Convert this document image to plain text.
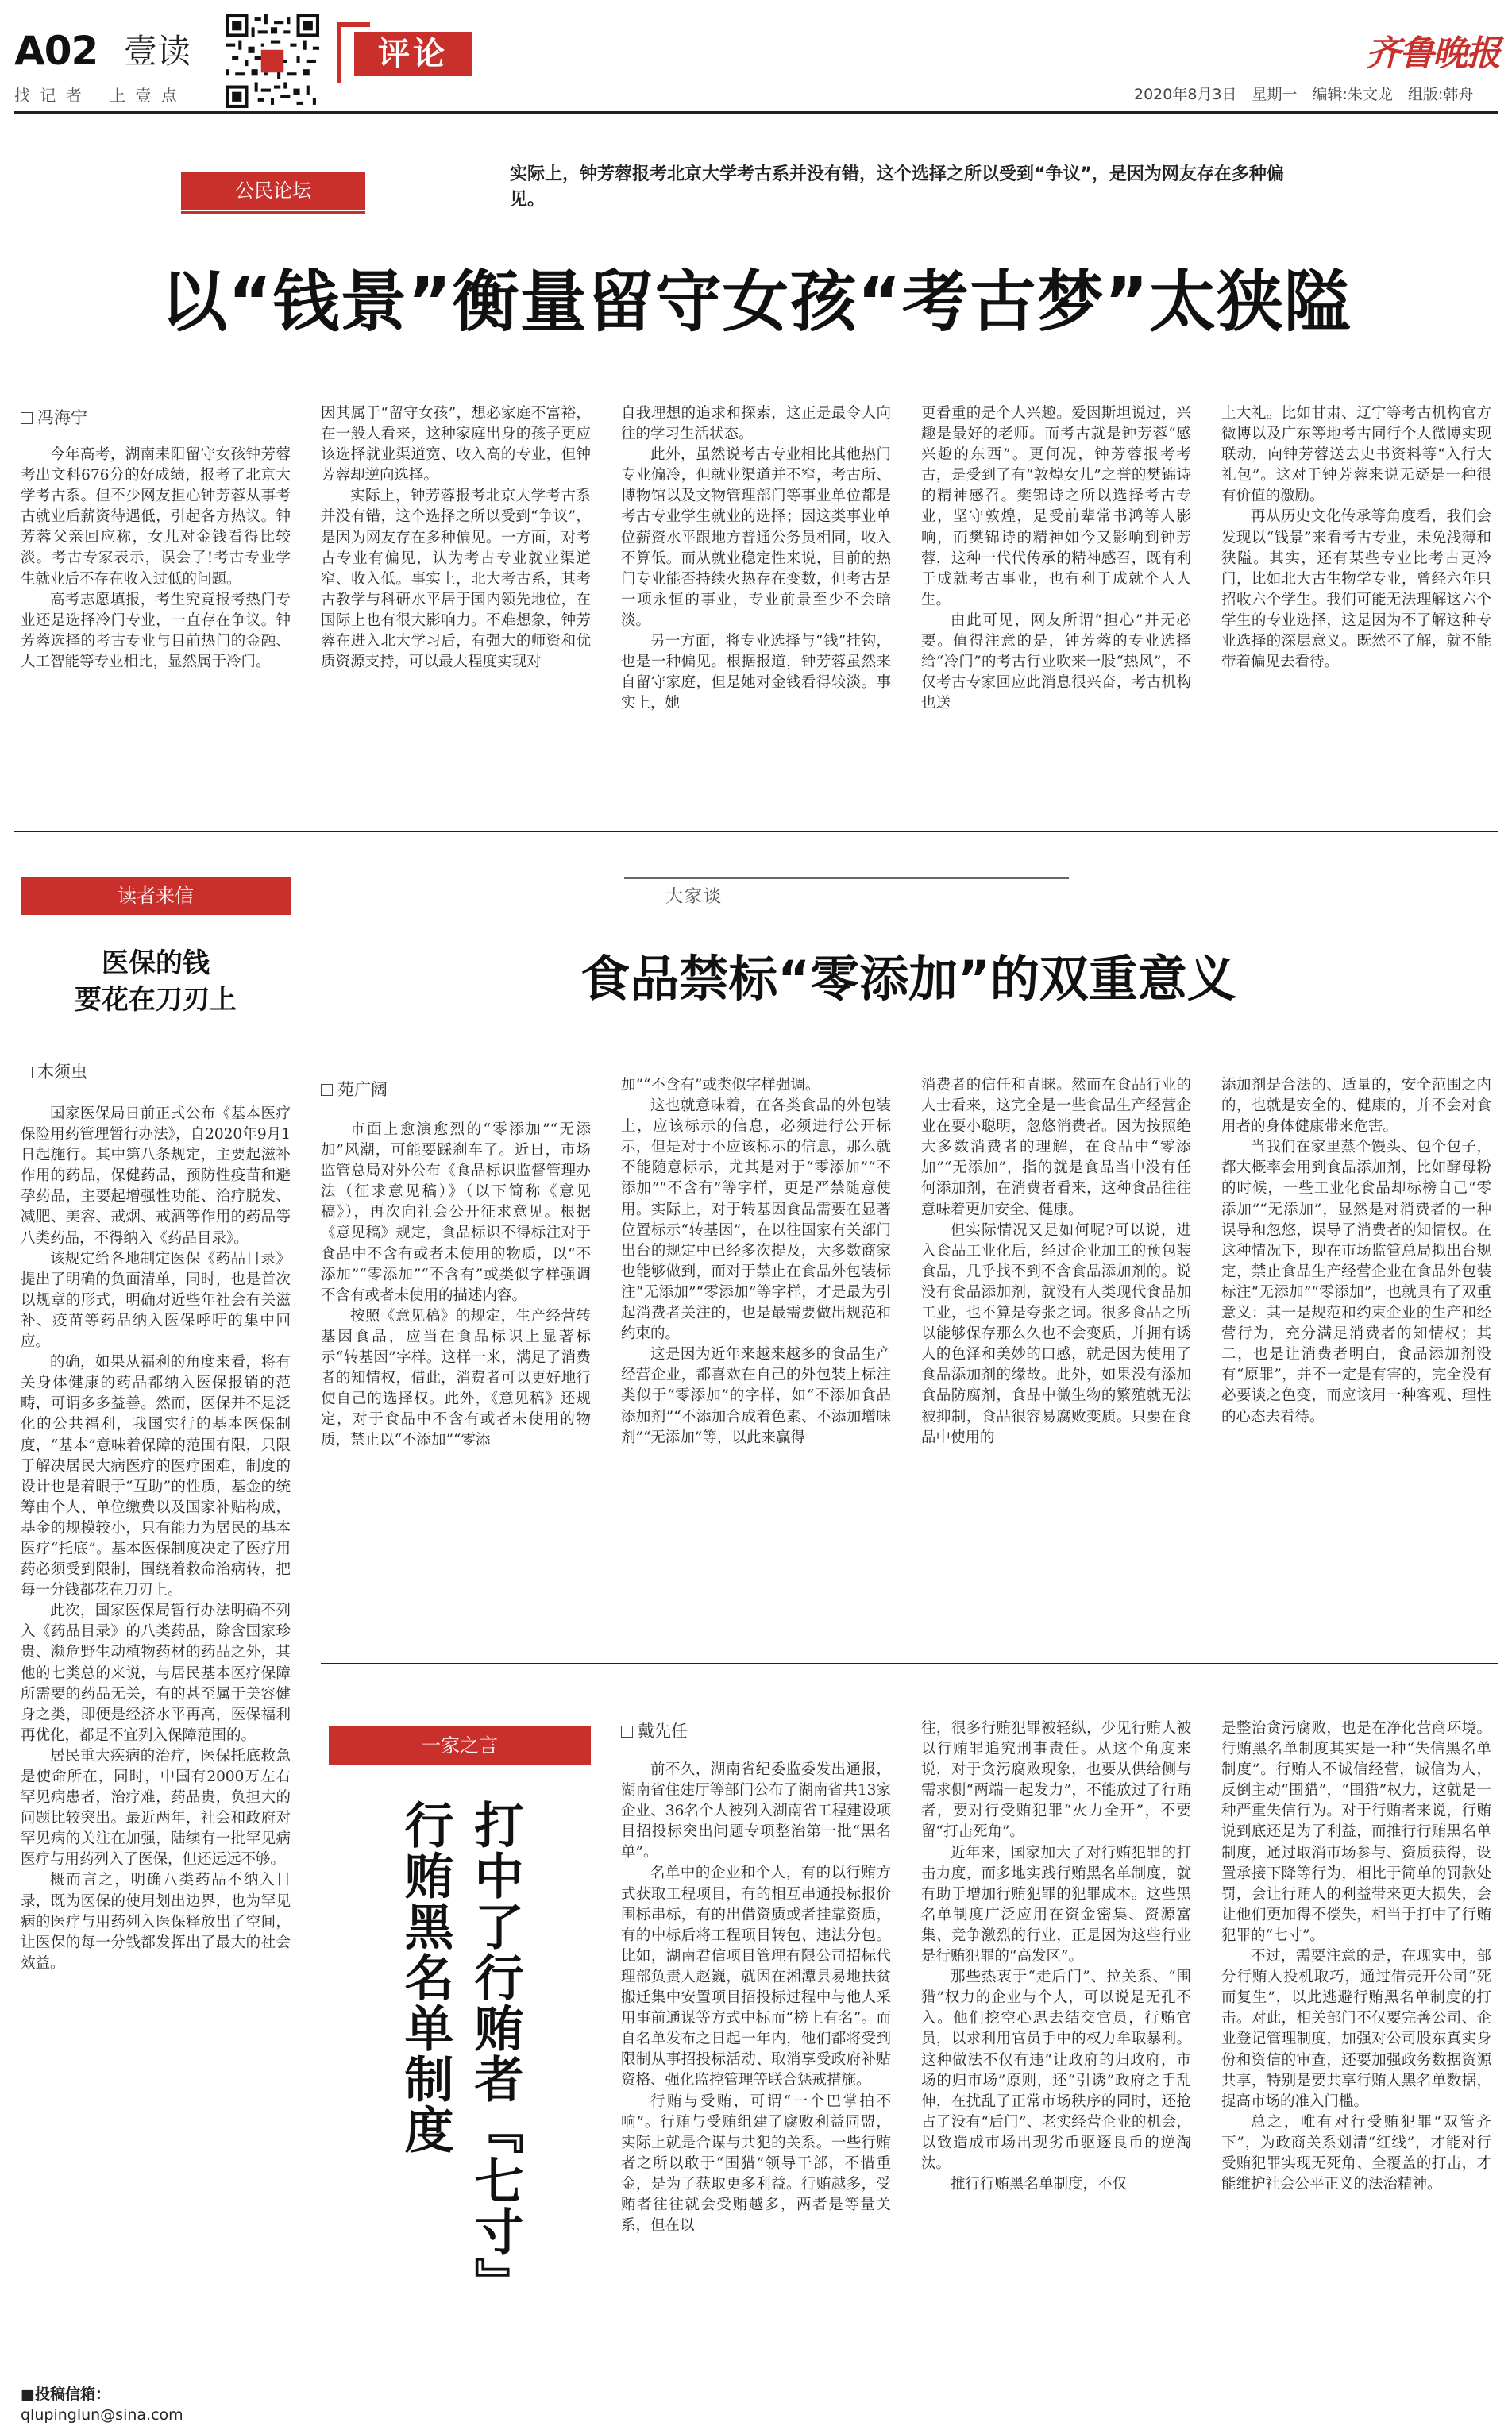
A02 壹读
找 记 者　 上 壹 点
评论	齐鲁晚报
2020年8月3日　星期一　编辑:朱文龙　组版:韩舟
公民论坛
实际上，钟芳蓉报考北京大学考古系并没有错，这个选择之所以受到“争议”，是因为网友存在多种偏见。
以“钱景”衡量留守女孩“考古梦”太狭隘
冯海宁

今年高考，湖南耒阳留守女孩钟芳蓉考出文科676分的好成绩，报考了北京大学考古系。但不少网友担心钟芳蓉从事考古就业后薪资待遇低，引起各方热议。钟芳蓉父亲回应称，女儿对金钱看得比较淡。考古专家表示，误会了!考古专业学生就业后不存在收入过低的问题。

高考志愿填报，考生究竟报考热门专业还是选择冷门专业，一直存在争议。钟芳蓉选择的考古专业与目前热门的金融、人工智能等专业相比，显然属于冷门。

因其属于“留守女孩”，想必家庭不富裕，在一般人看来，这种家庭出身的孩子更应该选择就业渠道宽、收入高的专业，但钟芳蓉却逆向选择。

实际上，钟芳蓉报考北京大学考古系并没有错，这个选择之所以受到“争议”，是因为网友存在多种偏见。一方面，对考古专业有偏见，认为考古专业就业渠道窄、收入低。事实上，北大考古系，其考古教学与科研水平居于国内领先地位，在国际上也有很大影响力。不难想象，钟芳蓉在进入北大学习后，有强大的师资和优质资源支持，可以最大程度实现对

自我理想的追求和探索，这正是最令人向往的学习生活状态。

此外，虽然说考古专业相比其他热门专业偏冷，但就业渠道并不窄，考古所、博物馆以及文物管理部门等事业单位都是考古专业学生就业的选择；因这类事业单位薪资水平跟地方普通公务员相同，收入不算低。而从就业稳定性来说，目前的热门专业能否持续火热存在变数，但考古是一项永恒的事业，专业前景至少不会暗淡。

另一方面，将专业选择与“钱”挂钩，也是一种偏见。根据报道，钟芳蓉虽然来自留守家庭，但是她对金钱看得较淡。事实上，她

更看重的是个人兴趣。爱因斯坦说过，兴趣是最好的老师。而考古就是钟芳蓉“感兴趣的东西”。更何况，钟芳蓉报考考古，是受到了有“敦煌女儿”之誉的樊锦诗的精神感召。樊锦诗之所以选择考古专业，坚守敦煌，是受前辈常书鸿等人影响，而樊锦诗的精神如今又影响到钟芳蓉，这种一代代传承的精神感召，既有利于成就考古事业，也有利于成就个人人生。

由此可见，网友所谓“担心”并无必要。值得注意的是，钟芳蓉的专业选择给“冷门”的考古行业吹来一股“热风”，不仅考古专家回应此消息很兴奋，考古机构也送

上大礼。比如甘肃、辽宁等考古机构官方微博以及广东等地考古同行个人微博实现联动，向钟芳蓉送去史书资料等“入行大礼包”。这对于钟芳蓉来说无疑是一种很有价值的激励。

再从历史文化传承等角度看，我们会发现以“钱景”来看考古专业，未免浅薄和狭隘。其实，还有某些专业比考古更冷门，比如北大古生物学专业，曾经六年只招收六个学生。我们可能无法理解这六个学生的专业选择，这是因为不了解这种专业选择的深层意义。既然不了解，就不能带着偏见去看待。

读者来信
医保的钱
要花在刀刃上
木须虫

国家医保局日前正式公布《基本医疗保险用药管理暂行办法》，自2020年9月1日起施行。其中第八条规定，主要起滋补作用的药品，保健药品，预防性疫苗和避孕药品，主要起增强性功能、治疗脱发、减肥、美容、戒烟、戒酒等作用的药品等八类药品，不得纳入《药品目录》。

该规定给各地制定医保《药品目录》提出了明确的负面清单，同时，也是首次以规章的形式，明确对近些年社会有关滋补、疫苗等药品纳入医保呼吁的集中回应。

的确，如果从福利的角度来看，将有关身体健康的药品都纳入医保报销的范畴，可谓多多益善。然而，医保并不是泛化的公共福利，我国实行的基本医保制度，“基本”意味着保障的范围有限，只限于解决居民大病医疗的医疗困难，制度的设计也是着眼于“互助”的性质，基金的统筹由个人、单位缴费以及国家补贴构成，基金的规模较小，只有能力为居民的基本医疗“托底”。基本医保制度决定了医疗用药必须受到限制，围绕着救命治病转，把每一分钱都花在刀刃上。

此次，国家医保局暂行办法明确不列入《药品目录》的八类药品，除含国家珍贵、濒危野生动植物药材的药品之外，其他的七类总的来说，与居民基本医疗保障所需要的药品无关，有的甚至属于美容健身之类，即便是经济水平再高，医保福利再优化，都是不宜列入保障范围的。

居民重大疾病的治疗，医保托底救急是使命所在，同时，中国有2000万左右罕见病患者，治疗难，药品贵，负担大的问题比较突出。最近两年，社会和政府对罕见病的关注在加强，陆续有一批罕见病医疗与用药列入了医保，但还远远不够。

概而言之，明确八类药品不纳入目录，既为医保的使用划出边界，也为罕见病的医疗与用药列入医保释放出了空间，让医保的每一分钱都发挥出了最大的社会效益。

■投稿信箱：
qlupinglun@sina.com
大家谈
食品禁标“零添加”的双重意义
苑广阔

市面上愈演愈烈的“零添加”“无添加”风潮，可能要踩刹车了。近日，市场监管总局对外公布《食品标识监督管理办法（征求意见稿）》（以下简称《意见稿》），再次向社会公开征求意见。根据《意见稿》规定，食品标识不得标注对于食品中不含有或者未使用的物质，以“不添加”“零添加”“不含有”或类似字样强调不含有或者未使用的描述内容。

按照《意见稿》的规定，生产经营转基因食品，应当在食品标识上显著标示“转基因”字样。这样一来，满足了消费者的知情权，借此，消费者可以更好地行使自己的选择权。此外，《意见稿》还规定，对于食品中不含有或者未使用的物质，禁止以“不添加”“零添

加”“不含有”或类似字样强调。

这也就意味着，在各类食品的外包装上，应该标示的信息，必须进行公开标示，但是对于不应该标示的信息，那么就不能随意标示，尤其是对于“零添加”“不添加”“不含有”等字样，更是严禁随意使用。实际上，对于转基因食品需要在显著位置标示“转基因”，在以往国家有关部门出台的规定中已经多次提及，大多数商家也能够做到，而对于禁止在食品外包装标注“无添加”“零添加”等字样，才是最为引起消费者关注的，也是最需要做出规范和约束的。

这是因为近年来越来越多的食品生产经营企业，都喜欢在自己的外包装上标注类似于“零添加”的字样，如“不添加食品添加剂”“不添加合成着色素、不添加增味剂”“无添加”等，以此来赢得

消费者的信任和青睐。然而在食品行业的人士看来，这完全是一些食品生产经营企业在耍小聪明，忽悠消费者。因为按照绝大多数消费者的理解，在食品中“零添加”“无添加”，指的就是食品当中没有任何添加剂，在消费者看来，这种食品往往意味着更加安全、健康。

但实际情况又是如何呢?可以说，进入食品工业化后，经过企业加工的预包装食品，几乎找不到不含食品添加剂的。说没有食品添加剂，就没有人类现代食品加工业，也不算是夸张之词。很多食品之所以能够保存那么久也不会变质，并拥有诱人的色泽和美妙的口感，就是因为使用了食品添加剂的缘故。此外，如果没有添加食品防腐剂，食品中微生物的繁殖就无法被抑制，食品很容易腐败变质。只要在食品中使用的

添加剂是合法的、适量的，安全范围之内的，也就是安全的、健康的，并不会对食用者的身体健康带来危害。

当我们在家里蒸个馒头、包个包子，都大概率会用到食品添加剂，比如酵母粉的时候，一些工业化食品却标榜自己“零添加”“无添加”，显然是对消费者的一种误导和忽悠，误导了消费者的知情权。在这种情况下，现在市场监管总局拟出台规定，禁止食品生产经营企业在食品外包装标注“无添加”“零添加”，也就具有了双重意义：其一是规范和约束企业的生产和经营行为，充分满足消费者的知情权；其二，也是让消费者明白，食品添加剂没有“原罪”，并不一定是有害的，完全没有必要谈之色变，而应该用一种客观、理性的心态去看待。

一家之言
打中了行贿者『七寸』
行贿黑名单制度
戴先任

前不久，湖南省纪委监委发出通报，湖南省住建厅等部门公布了湖南省共13家企业、36名个人被列入湖南省工程建设项目招投标突出问题专项整治第一批“黑名单”。

名单中的企业和个人，有的以行贿方式获取工程项目，有的相互串通投标报价围标串标，有的出借资质或者挂靠资质，有的中标后将工程项目转包、违法分包。比如，湖南君信项目管理有限公司招标代理部负责人赵巍，就因在湘潭县易地扶贫搬迁集中安置项目招投标过程中与他人采用事前通谋等方式中标而“榜上有名”。而自名单发布之日起一年内，他们都将受到限制从事招投标活动、取消享受政府补贴资格、强化监控管理等联合惩戒措施。

行贿与受贿，可谓“一个巴掌拍不响”。行贿与受贿组建了腐败利益同盟，实际上就是合谋与共犯的关系。一些行贿者之所以敢于“围猎”领导干部，不惜重金，是为了获取更多利益。行贿越多，受贿者往往就会受贿越多，两者是等量关系，但在以

往，很多行贿犯罪被轻纵，少见行贿人被以行贿罪追究刑事责任。从这个角度来说，对于贪污腐败现象，也要从供给侧与需求侧“两端一起发力”，不能放过了行贿者，要对行受贿犯罪“火力全开”，不要留“打击死角”。

近年来，国家加大了对行贿犯罪的打击力度，而多地实践行贿黑名单制度，就有助于增加行贿犯罪的犯罪成本。这些黑名单制度广泛应用在资金密集、资源富集、竞争激烈的行业，正是因为这些行业是行贿犯罪的“高发区”。

那些热衷于“走后门”、拉关系、“围猎”权力的企业与个人，可以说是无孔不入。他们挖空心思去结交官员，行贿官员，以求利用官员手中的权力牟取暴利。这种做法不仅有违“让政府的归政府，市场的归市场”原则，还“引诱”政府之手乱伸，在扰乱了正常市场秩序的同时，还抢占了没有“后门”、老实经营企业的机会，以致造成市场出现劣币驱逐良币的逆淘汰。

推行行贿黑名单制度，不仅

是整治贪污腐败，也是在净化营商环境。行贿黑名单制度其实是一种“失信黑名单制度”。行贿人不诚信经营，诚信为人，反倒主动“围猎”，“围猎”权力，这就是一种严重失信行为。对于行贿者来说，行贿说到底还是为了利益，而推行行贿黑名单制度，通过取消市场参与、资质获得，设置承接下降等行为，相比于简单的罚款处罚，会让行贿人的利益带来更大损失，会让他们更加得不偿失，相当于打中了行贿犯罪的“七寸”。

不过，需要注意的是，在现实中，部分行贿人投机取巧，通过借壳开公司“死而复生”，以此逃避行贿黑名单制度的打击。对此，相关部门不仅要完善公司、企业登记管理制度，加强对公司股东真实身份和资信的审查，还要加强政务数据资源共享，特别是要共享行贿人黑名单数据，提高市场的准入门槛。

总之，唯有对行受贿犯罪“双管齐下”，为政商关系划清“红线”，才能对行受贿犯罪实现无死角、全覆盖的打击，才能维护社会公平正义的法治精神。
